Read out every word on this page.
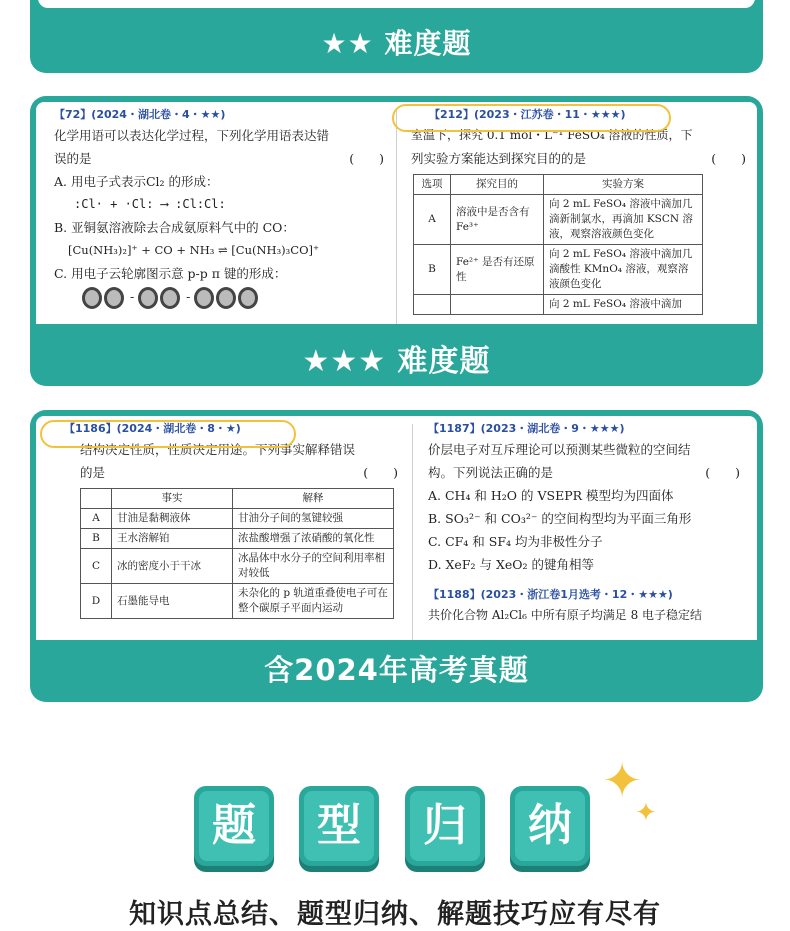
★★ 难度题
【72】(2024・湖北卷・4・★★)
化学用语可以表达化学过程，下列化学用语表达错
误的是	(　　)
A. 用电子式表示Cl₂ 的形成：
:Cl· + ·Cl: ⟶ :Cl:Cl:
B. 亚铜氨溶液除去合成氨原料气中的 CO：
[Cu(NH₃)₂]⁺ + CO + NH₃ ⇌ [Cu(NH₃)₃CO]⁺
C. 用电子云轮廓图示意 p-p π 键的形成：
-	-
【212】(2023・江苏卷・11・★★★)
室温下，探究 0.1 mol・L⁻¹ FeSO₄ 溶液的性质，下
列实验方案能达到探究目的的是	(　　)
选项	探究目的	实验方案
A	溶液中是否含有 Fe³⁺	向 2 mL FeSO₄ 溶液中滴加几滴新制氯水，再滴加 KSCN 溶液，观察溶液颜色变化
B	Fe²⁺ 是否有还原性	向 2 mL FeSO₄ 溶液中滴加几滴酸性 KMnO₄ 溶液，观察溶液颜色变化
		向 2 mL FeSO₄ 溶液中滴加
★★★ 难度题
【1186】(2024・湖北卷・8・★)
结构决定性质，性质决定用途。下列事实解释错误
的是	(　　)
	事实	解释
A	甘油是黏稠液体	甘油分子间的氢键较强
B	王水溶解铂	浓盐酸增强了浓硝酸的氧化性
C	冰的密度小于干冰	冰晶体中水分子的空间利用率相对较低
D	石墨能导电	未杂化的 p 轨道重叠使电子可在整个碳原子平面内运动
【1187】(2023・湖北卷・9・★★★)
价层电子对互斥理论可以预测某些微粒的空间结
构。下列说法正确的是	(　　)
A. CH₄ 和 H₂O 的 VSEPR 模型均为四面体
B. SO₃²⁻ 和 CO₃²⁻ 的空间构型均为平面三角形
C. CF₄ 和 SF₄ 均为非极性分子
D. XeF₂ 与 XeO₂ 的键角相等
【1188】(2023・浙江卷1月选考・12・★★★)
共价化合物 Al₂Cl₆ 中所有原子均满足 8 电子稳定结
含2024年高考真题
题	型	归	纳
✦
✦
知识点总结、题型归纳、解题技巧应有尽有
